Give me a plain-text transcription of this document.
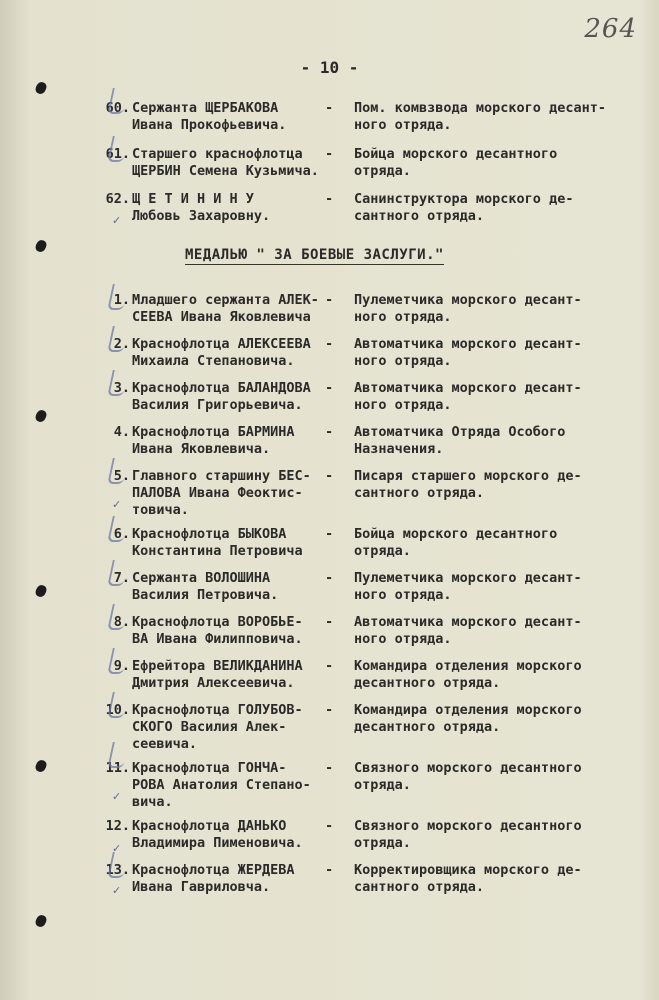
264
- 10 -
60. Сержанта ЩЕРБАКОВА
Ивана Прокофьевича.
- Пом. комвзвода морского десант-
ного отряда.
61. Старшего краснофлотца
ЩЕРБИН Семена Кузьмича.
- Бойца морского десантного
отряда.
62. Щ Е Т И Н И Н У
Любовь Захаровну.
- Санинструктора морского де-
сантного отряда.
МЕДАЛЬЮ " ЗА БОЕВЫЕ ЗАСЛУГИ."
1. Младшего сержанта АЛЕК-
СЕЕВА Ивана Яковлевича
- Пулеметчика морского десант-
ного отряда.
2. Краснофлотца АЛЕКСЕЕВА
Михаила Степановича.
- Автоматчика морского десант-
ного отряда.
3. Краснофлотца БАЛАНДОВА
Василия Григорьевича.
- Автоматчика морского десант-
ного отряда.
4. Краснофлотца БАРМИНА
Ивана Яковлевича.
- Автоматчика Отряда Особого
Назначения.
5. Главного старшину БЕС-
ПАЛОВА Ивана Феоктис-
товича.
- Писаря старшего морского де-
сантного отряда.
6. Краснофлотца БЫКОВА
Константина Петровича
- Бойца морского десантного
отряда.
7. Сержанта ВОЛОШИНА
Василия Петровича.
- Пулеметчика морского десант-
ного отряда.
8. Краснофлотца ВОРОБЬЕ-
ВА Ивана Филипповича.
- Автоматчика морского десант-
ного отряда.
9. Ефрейтора ВЕЛИКДАНИНА
Дмитрия Алексеевича.
- Командира отделения морского
десантного отряда.
10. Краснофлотца ГОЛУБОВ-
СКОГО Василия Алек-
сеевича.
- Командира отделения морского
десантного отряда.
11. Краснофлотца ГОНЧА-
РОВА Анатолия Степано-
вича.
- Связного морского десантного
отряда.
12. Краснофлотца ДАНЬКО
Владимира Пименовича.
- Связного морского десантного
отряда.
13. Краснофлотца ЖЕРДЕВА
Ивана Гавриловча.
- Корректировщика морского де-
сантного отряда.
✓
✓
✓
✓
✓
